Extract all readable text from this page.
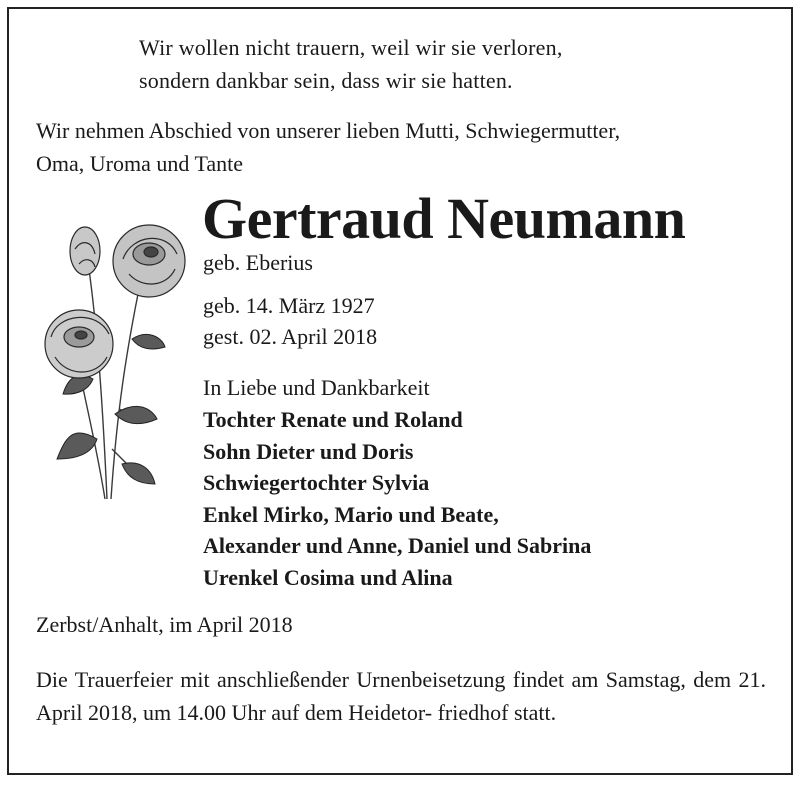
Wir wollen nicht trauern, weil wir sie verloren,
sondern dankbar sein, dass wir sie hatten.
Wir nehmen Abschied von unserer lieben Mutti, Schwiegermutter,
Oma, Uroma und Tante
Gertraud Neumann
geb. Eberius
geb. 14. März 1927
gest. 02. April 2018
In Liebe und Dankbarkeit
Tochter Renate und Roland
Sohn Dieter und Doris
Schwiegertochter Sylvia
Enkel Mirko, Mario und Beate,
Alexander und Anne, Daniel und Sabrina
Urenkel Cosima und Alina
Zerbst/Anhalt, im April 2018
Die Trauerfeier mit anschließender Urnenbeisetzung findet am Samstag, dem 21. April 2018, um 14.00 Uhr auf dem Heidetor- friedhof statt.
